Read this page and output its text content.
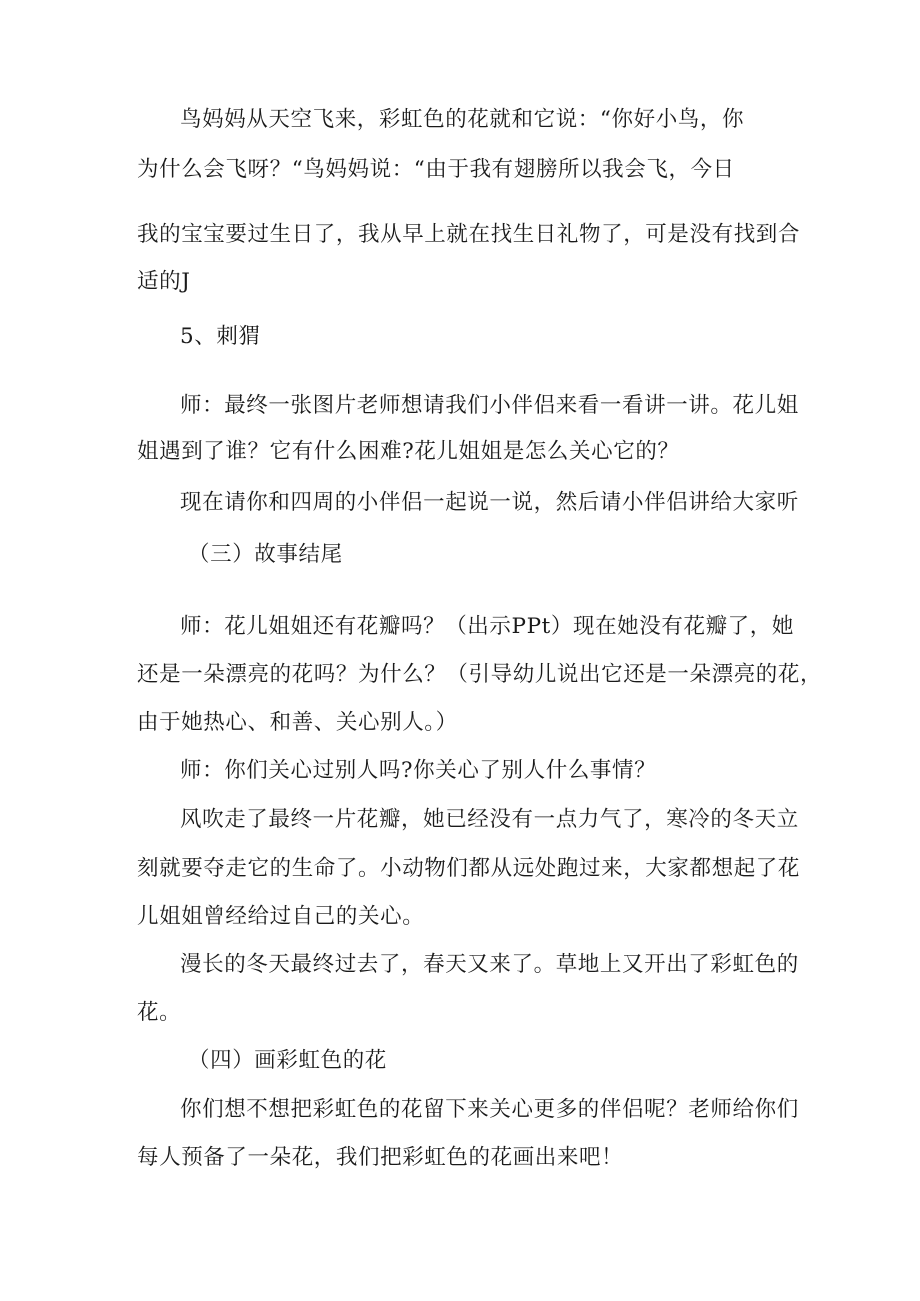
鸟妈妈从天空飞来，彩虹色的花就和它说：“你好小鸟，你
为什么会飞呀？“鸟妈妈说：“由于我有翅膀所以我会飞，今日
我的宝宝要过生日了，我从早上就在找生日礼物了，可是没有找到合
适的J
5、刺猬
师：最终一张图片老师想请我们小伴侣来看一看讲一讲。花儿姐
姐遇到了谁？它有什么困难?花儿姐姐是怎么关心它的？
现在请你和四周的小伴侣一起说一说，然后请小伴侣讲给大家听
（三）故事结尾
师：花儿姐姐还有花瓣吗？（出示PPt）现在她没有花瓣了，她
还是一朵漂亮的花吗？为什么？（引导幼儿说出它还是一朵漂亮的花，
由于她热心、和善、关心别人。）
师：你们关心过别人吗?你关心了别人什么事情？
风吹走了最终一片花瓣，她已经没有一点力气了，寒冷的冬天立
刻就要夺走它的生命了。小动物们都从远处跑过来，大家都想起了花
儿姐姐曾经给过自己的关心。
漫长的冬天最终过去了，春天又来了。草地上又开出了彩虹色的
花。
（四）画彩虹色的花
你们想不想把彩虹色的花留下来关心更多的伴侣呢？老师给你们
每人预备了一朵花，我们把彩虹色的花画出来吧！
